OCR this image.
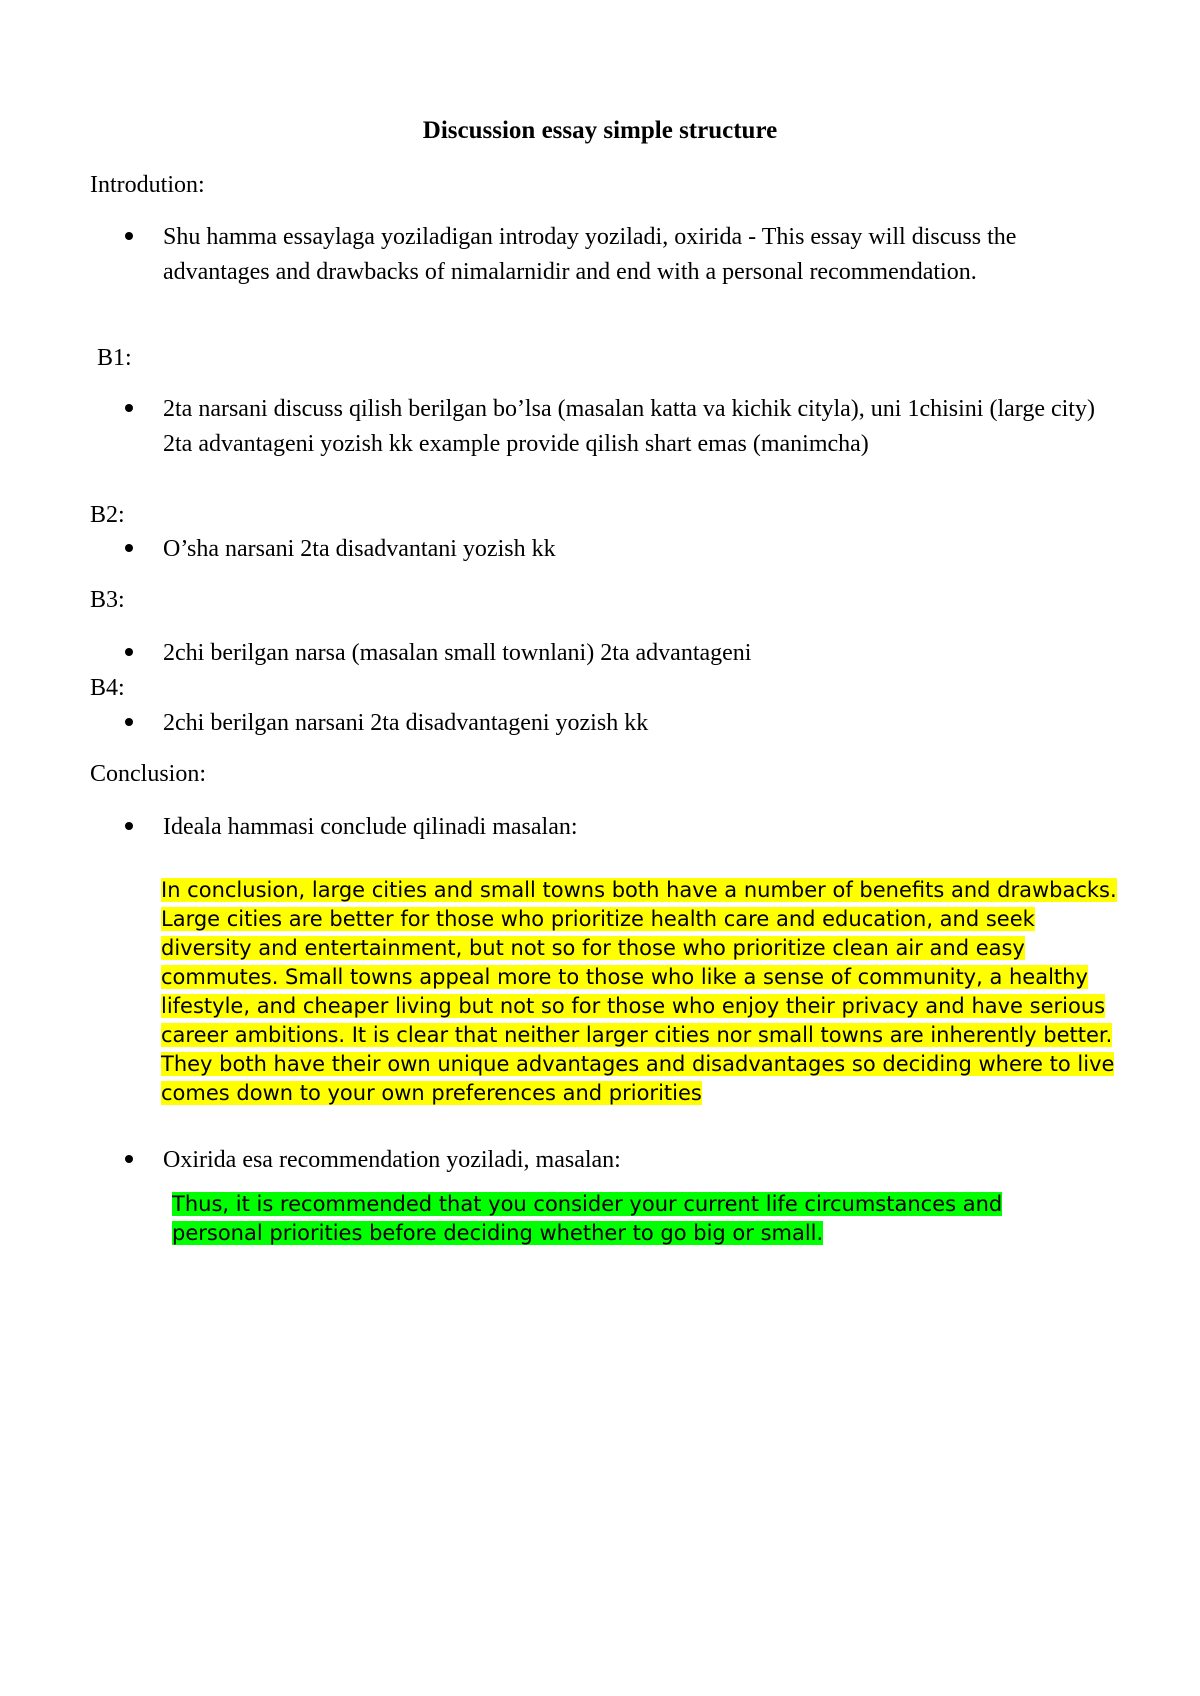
Discussion essay simple structure
Introdution:
Shu hamma essaylaga yoziladigan introday yoziladi, oxirida - This essay will discuss the advantages and drawbacks of nimalarnidir and end with a personal recommendation.
B1:
2ta narsani discuss qilish berilgan bo’lsa (masalan katta va kichik cityla), uni 1chisini (large city) 2ta advantageni yozish kk example provide qilish shart emas (manimcha)
B2:
O’sha narsani 2ta disadvantani yozish kk
B3:
2chi berilgan narsa (masalan small townlani) 2ta advantageni
B4:
2chi berilgan narsani 2ta disadvantageni yozish kk
Conclusion:
Ideala hammasi conclude qilinadi masalan:
In conclusion, large cities and small towns both have a number of benefits and drawbacks. Large cities are better for those who prioritize health care and education, and seek diversity and entertainment, but not so for those who prioritize clean air and easy commutes. Small towns appeal more to those who like a sense of community, a healthy lifestyle, and cheaper living but not so for those who enjoy their privacy and have serious career ambitions. It is clear that neither larger cities nor small towns are inherently better. They both have their own unique advantages and disadvantages so deciding where to live comes down to your own preferences and priorities
Oxirida esa recommendation yoziladi, masalan:
Thus, it is recommended that you consider your current life circumstances and personal priorities before deciding whether to go big or small.
